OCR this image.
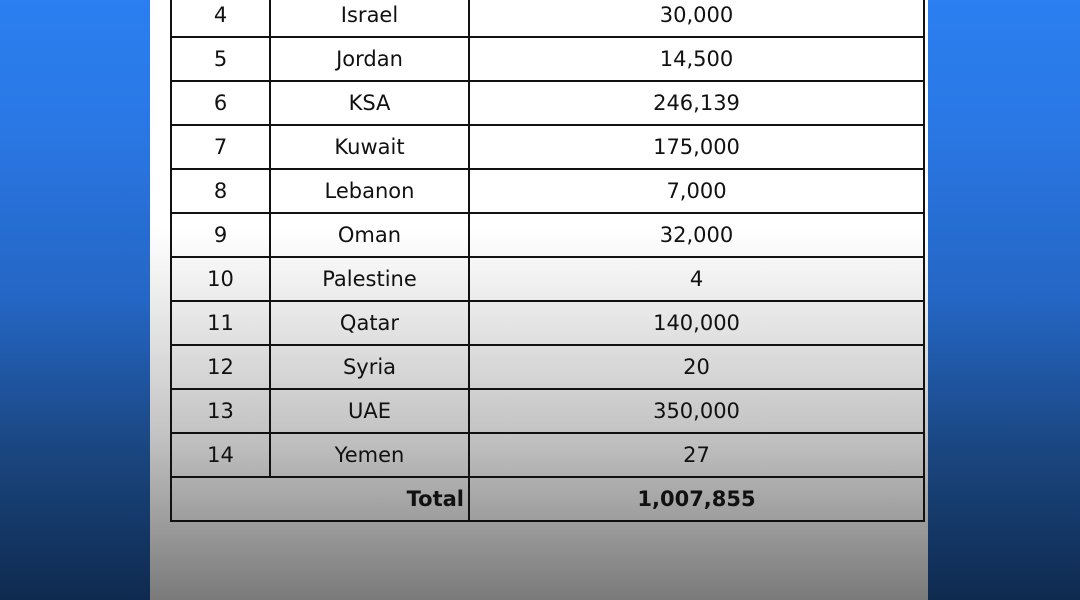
4	Israel	30,000
5	Jordan	14,500
6	KSA	246,139
7	Kuwait	175,000
8	Lebanon	7,000
9	Oman	32,000
10	Palestine	4
11	Qatar	140,000
12	Syria	20
13	UAE	350,000
14	Yemen	27
Total		1,007,855
